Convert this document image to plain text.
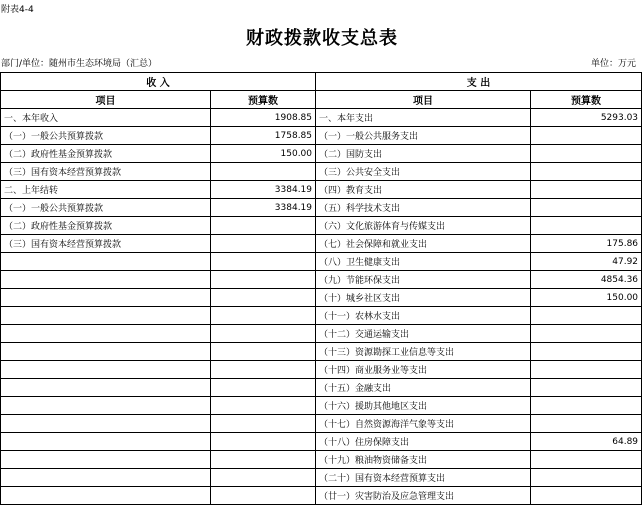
附表4-4
财政拨款收支总表
部门/单位：随州市生态环境局（汇总）	单位：万元
收 入		支 出	
项目	预算数	项目	预算数
一、本年收入	1908.85	一、本年支出	5293.03
（一）一般公共预算拨款	1758.85	（一）一般公共服务支出	
（二）政府性基金预算拨款	150.00	（二）国防支出	
（三）国有资本经营预算拨款		（三）公共安全支出	
二、上年结转	3384.19	（四）教育支出	
（一）一般公共预算拨款	3384.19	（五）科学技术支出	
（二）政府性基金预算拨款		（六）文化旅游体育与传媒支出	
（三）国有资本经营预算拨款		（七）社会保障和就业支出	175.86
		（八）卫生健康支出	47.92
		（九）节能环保支出	4854.36
		（十）城乡社区支出	150.00
		（十一）农林水支出	
		（十二）交通运输支出	
		（十三）资源勘探工业信息等支出	
		（十四）商业服务业等支出	
		（十五）金融支出	
		（十六）援助其他地区支出	
		（十七）自然资源海洋气象等支出	
		（十八）住房保障支出	64.89
		（十九）粮油物资储备支出	
		（二十）国有资本经营预算支出	
		（廿一）灾害防治及应急管理支出	
